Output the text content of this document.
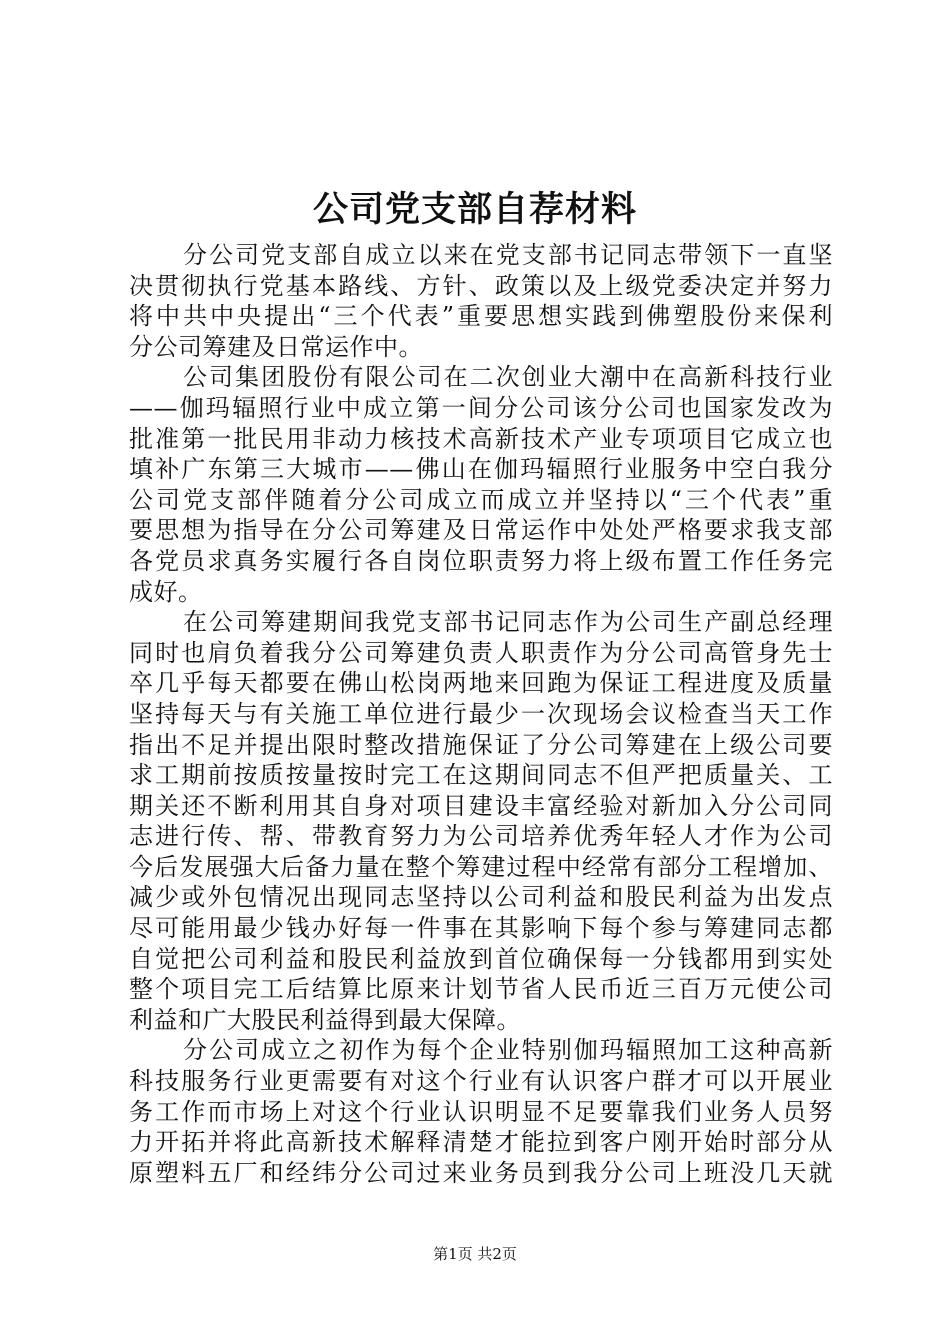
公司党支部自荐材料
分公司党支部自成立以来在党支部书记同志带领下一直坚
决贯彻执行党基本路线、方针、政策以及上级党委决定并努力
将中共中央提出“三个代表”重要思想实践到佛塑股份来保利
分公司筹建及日常运作中。
公司集团股份有限公司在二次创业大潮中在高新科技行业
——伽玛辐照行业中成立第一间分公司该分公司也国家发改为
批准第一批民用非动力核技术高新技术产业专项项目它成立也
填补广东第三大城市——佛山在伽玛辐照行业服务中空白我分
公司党支部伴随着分公司成立而成立并坚持以“三个代表”重
要思想为指导在分公司筹建及日常运作中处处严格要求我支部
各党员求真务实履行各自岗位职责努力将上级布置工作任务完
成好。
在公司筹建期间我党支部书记同志作为公司生产副总经理
同时也肩负着我分公司筹建负责人职责作为分公司高管身先士
卒几乎每天都要在佛山松岗两地来回跑为保证工程进度及质量
坚持每天与有关施工单位进行最少一次现场会议检查当天工作
指出不足并提出限时整改措施保证了分公司筹建在上级公司要
求工期前按质按量按时完工在这期间同志不但严把质量关、工
期关还不断利用其自身对项目建设丰富经验对新加入分公司同
志进行传、帮、带教育努力为公司培养优秀年轻人才作为公司
今后发展强大后备力量在整个筹建过程中经常有部分工程增加、
减少或外包情况出现同志坚持以公司利益和股民利益为出发点
尽可能用最少钱办好每一件事在其影响下每个参与筹建同志都
自觉把公司利益和股民利益放到首位确保每一分钱都用到实处
整个项目完工后结算比原来计划节省人民币近三百万元使公司
利益和广大股民利益得到最大保障。
分公司成立之初作为每个企业特别伽玛辐照加工这种高新
科技服务行业更需要有对这个行业有认识客户群才可以开展业
务工作而市场上对这个行业认识明显不足要靠我们业务人员努
力开拓并将此高新技术解释清楚才能拉到客户刚开始时部分从
原塑料五厂和经纬分公司过来业务员到我分公司上班没几天就
第1页 共2页
